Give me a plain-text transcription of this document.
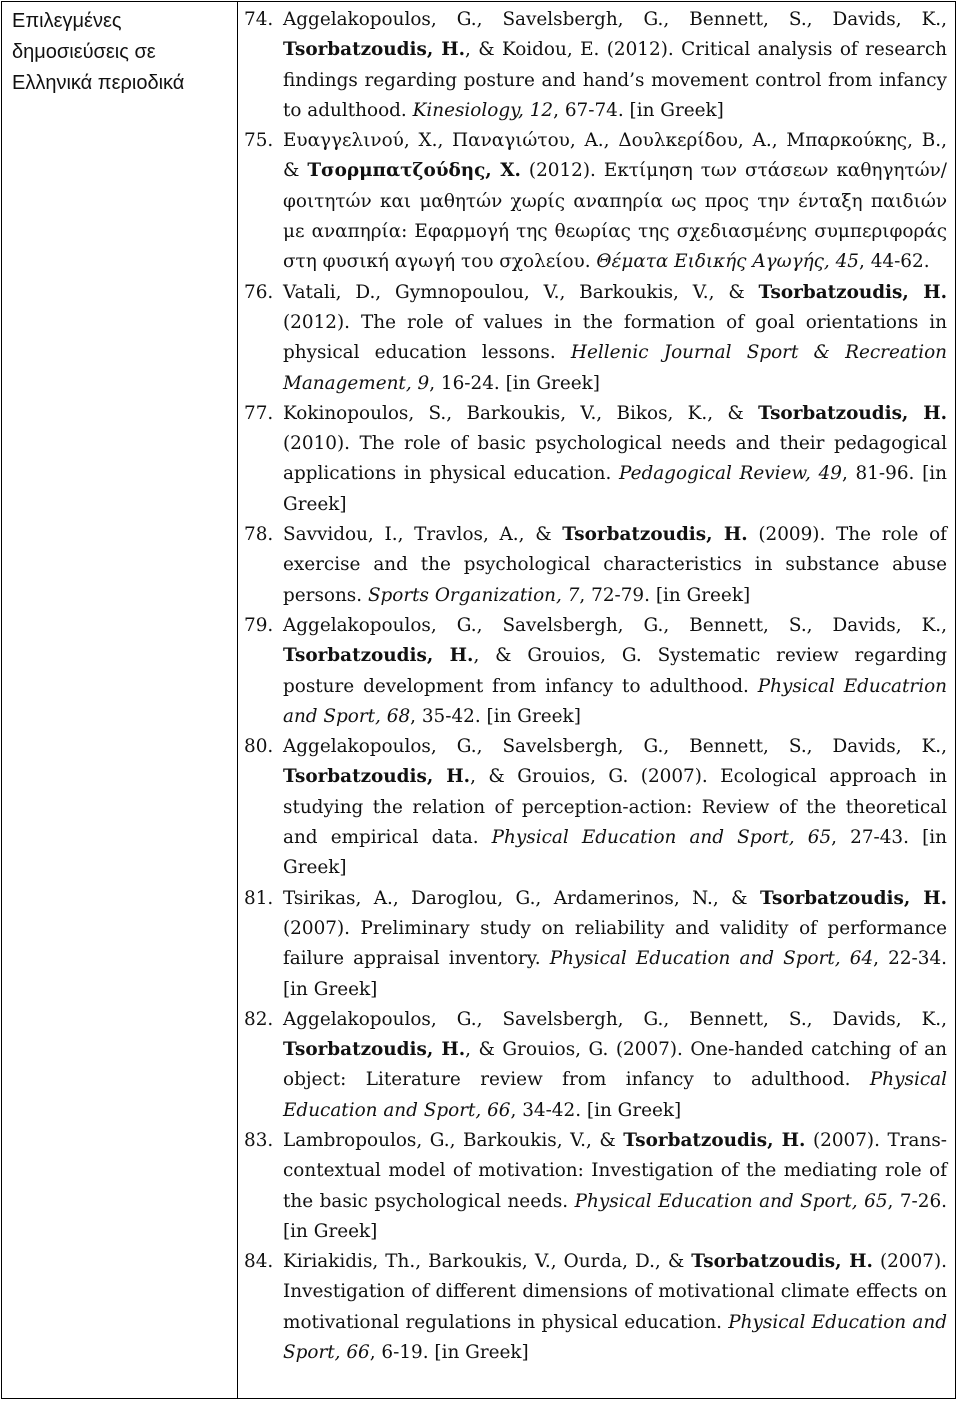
Επιλεγμένες
δημοσιεύσεις σε
Ελληνικά περιοδικά
74. Aggelakopoulos, G., Savelsbergh, G., Bennett, S., Davids, K., Tsorbatzoudis, H., & Koidou, E. (2012). Critical analysis of research findings regarding posture and hand’s movement control from infancy to adulthood. Kinesiology, 12, 67-74. [in Greek]
75. Ευαγγελινού, Χ., Παναγιώτου, Α., Δουλκερίδου, Α., Μπαρκούκης, Β., & Τσορμπατζούδης, Χ. (2012). Εκτίμηση των στάσεων καθηγητών/φοιτητών και μαθητών χωρίς αναπηρία ως προς την ένταξη παιδιών με αναπηρία: Εφαρμογή της θεωρίας της σχεδιασμένης συμπεριφοράς στη φυσική αγωγή του σχολείου. Θέματα Ειδικής Αγωγής, 45, 44-62.
76. Vatali, D., Gymnopoulou, V., Barkoukis, V., & Tsorbatzoudis, H. (2012). The role of values in the formation of goal orientations in physical education lessons. Hellenic Journal Sport & Recreation Management, 9, 16-24. [in Greek]
77. Kokinopoulos, S., Barkoukis, V., Bikos, K., & Tsorbatzoudis, H. (2010). The role of basic psychological needs and their pedagogical applications in physical education. Pedagogical Review, 49, 81-96. [in Greek]
78. Savvidou, I., Travlos, A., & Tsorbatzoudis, H. (2009). The role of exercise and the psychological characteristics in substance abuse persons. Sports Organization, 7, 72-79. [in Greek]
79. Aggelakopoulos, G., Savelsbergh, G., Bennett, S., Davids, K., Tsorbatzoudis, H., & Grouios, G. Systematic review regarding posture development from infancy to adulthood. Physical Educatrion and Sport, 68, 35-42. [in Greek]
80. Aggelakopoulos, G., Savelsbergh, G., Bennett, S., Davids, K., Tsorbatzoudis, H., & Grouios, G. (2007). Ecological approach in studying the relation of perception-action: Review of the theoretical and empirical data. Physical Education and Sport, 65, 27-43. [in Greek]
81. Tsirikas, A., Daroglou, G., Ardamerinos, N., & Tsorbatzoudis, H. (2007). Preliminary study on reliability and validity of performance failure appraisal inventory. Physical Education and Sport, 64, 22-34. [in Greek]
82. Aggelakopoulos, G., Savelsbergh, G., Bennett, S., Davids, K., Tsorbatzoudis, H., & Grouios, G. (2007). One-handed catching of an object: Literature review from infancy to adulthood. Physical Education and Sport, 66, 34-42. [in Greek]
83. Lambropoulos, G., Barkoukis, V., & Tsorbatzoudis, H. (2007). Trans-contextual model of motivation: Investigation of the mediating role of the basic psychological needs. Physical Education and Sport, 65, 7-26. [in Greek]
84. Kiriakidis, Th., Barkoukis, V., Ourda, D., & Tsorbatzoudis, H. (2007). Investigation of different dimensions of motivational climate effects on motivational regulations in physical education. Physical Education and Sport, 66, 6-19. [in Greek]
